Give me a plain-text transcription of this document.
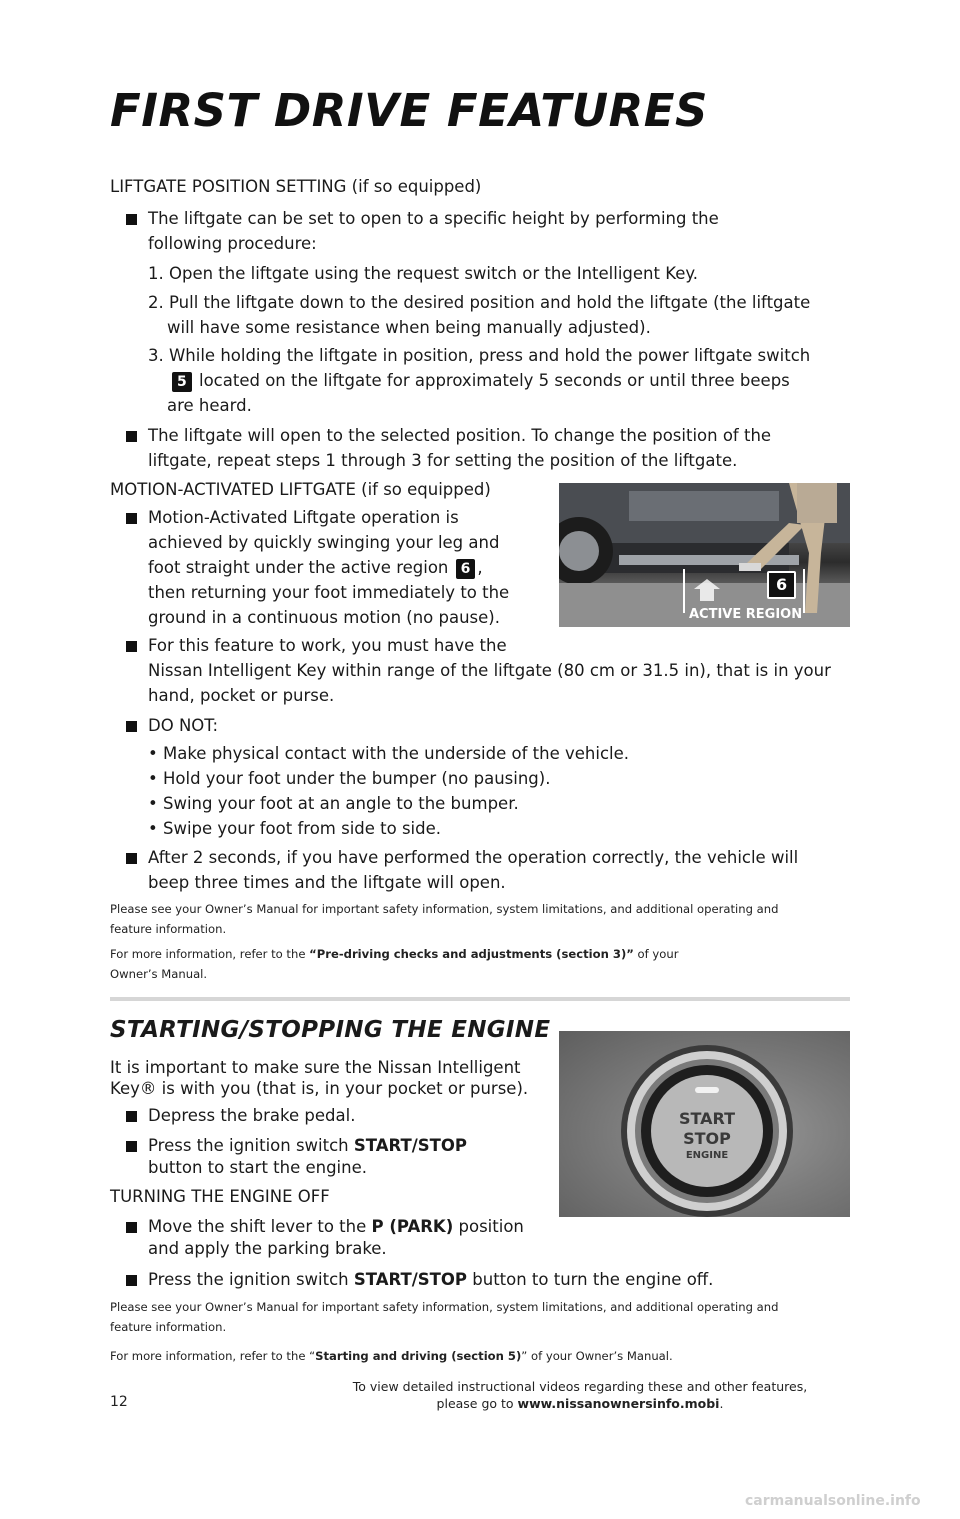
FIRST DRIVE FEATURES
LIFTGATE POSITION SETTING (if so equipped)
The liftgate can be set to open to a specific height by performing the
following procedure:
1. Open the liftgate using the request switch or the Intelligent Key.
2. Pull the liftgate down to the desired position and hold the liftgate (the liftgate
will have some resistance when being manually adjusted).
3. While holding the liftgate in position, press and hold the power liftgate switch
5 located on the liftgate for approximately 5 seconds or until three beeps
are heard.
The liftgate will open to the selected position. To change the position of the
liftgate, repeat steps 1 through 3 for setting the position of the liftgate.
MOTION-ACTIVATED LIFTGATE (if so equipped)
Motion-Activated Liftgate operation is
achieved by quickly swinging your leg and
foot straight under the active region 6 ,
then returning your foot immediately to the
ground in a continuous motion (no pause).
6
ACTIVE REGION
For this feature to work, you must have the
Nissan Intelligent Key within range of the liftgate (80 cm or 31.5 in), that is in your
hand, pocket or purse.
DO NOT:
• Make physical contact with the underside of the vehicle.
• Hold your foot under the bumper (no pausing).
• Swing your foot at an angle to the bumper.
• Swipe your foot from side to side.
After 2 seconds, if you have performed the operation correctly, the vehicle will
beep three times and the liftgate will open.
Please see your Owner’s Manual for important safety information, system limitations, and additional operating and
feature information.
For more information, refer to the “Pre-driving checks and adjustments (section 3)” of your
Owner’s Manual.
STARTING/STOPPING THE ENGINE
It is important to make sure the Nissan Intelligent
Key® is with you (that is, in your pocket or purse).
Depress the brake pedal.
Press the ignition switch START/STOP
button to start the engine.
TURNING THE ENGINE OFF
Move the shift lever to the P (PARK) position
and apply the parking brake.
Press the ignition switch START/STOP button to turn the engine off.
START
STOP
ENGINE
Please see your Owner’s Manual for important safety information, system limitations, and additional operating and
feature information.
For more information, refer to the “Starting and driving (section 5)” of your Owner’s Manual.
12
To view detailed instructional videos regarding these and other features,
please go to www.nissanownersinfo.mobi.
carmanualsonline.info
